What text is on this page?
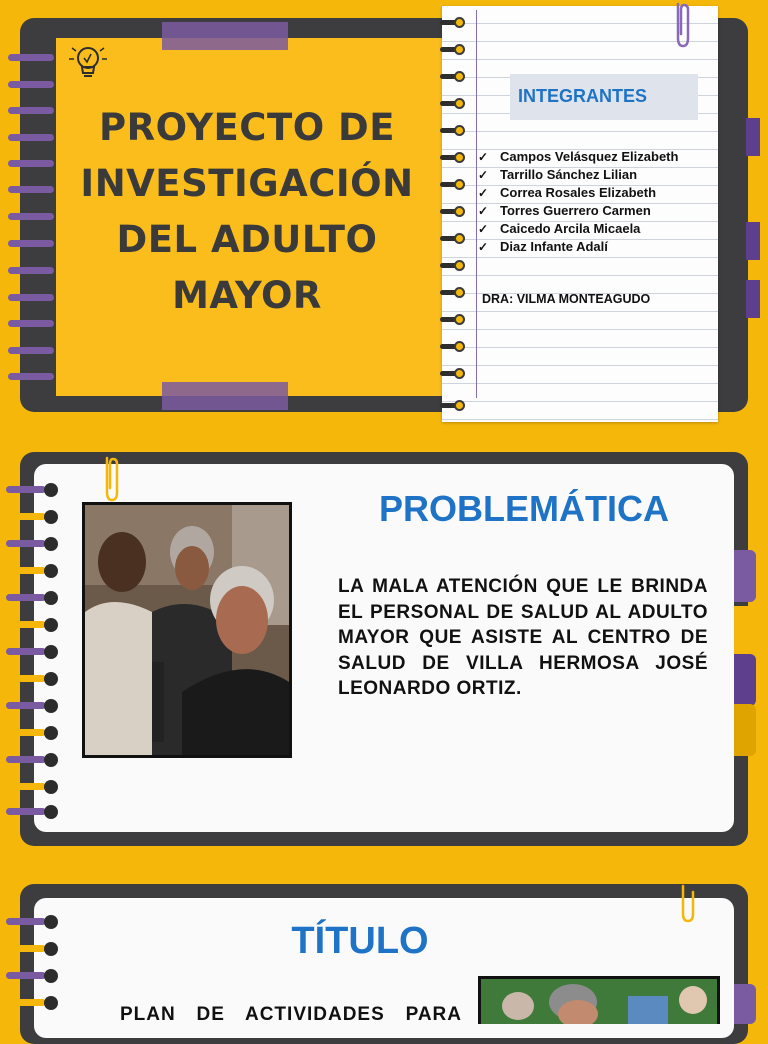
PROYECTO DE
INVESTIGACIÓN
DEL ADULTO
MAYOR
INTEGRANTES
✓ Campos Velásquez Elizabeth
✓ Tarrillo Sánchez Lilian
✓ Correa Rosales Elizabeth
✓ Torres Guerrero Carmen
✓ Caicedo Arcila Micaela
✓ Diaz Infante Adalí
DRA: VILMA MONTEAGUDO
PROBLEMÁTICA
LA MALA ATENCIÓN QUE LE BRINDA EL PERSONAL DE SALUD AL ADULTO MAYOR QUE ASISTE AL CENTRO DE SALUD DE VILLA HERMOSA JOSÉ LEONARDO ORTIZ.
TÍTULO
PLAN DE ACTIVIDADES PARA
